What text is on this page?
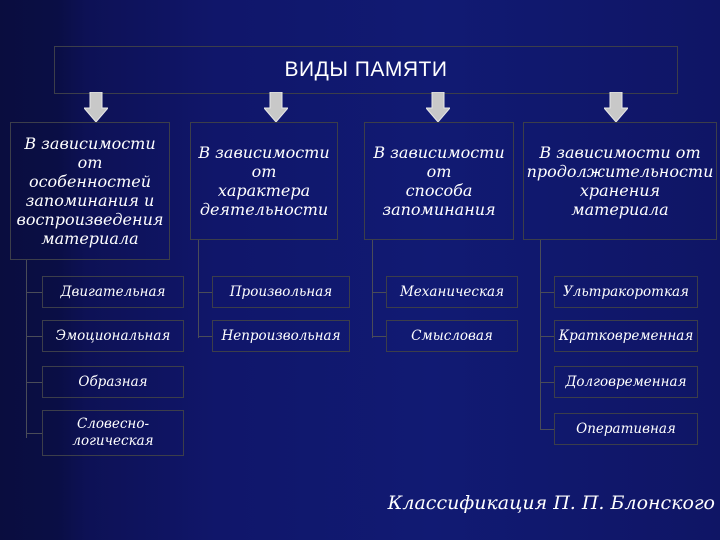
ВИДЫ ПАМЯТИ
В зависимости
от
особенностей
запоминания и
воспроизведения
материала
В зависимости
от
характера
деятельности
В зависимости
от
способа
запоминания
В зависимости от
продолжительности
хранения
материала
Двигательная
Эмоциональная
Образная
Словесно-
логическая
Произвольная
Непроизвольная
Механическая
Смысловая
Ультракороткая
Кратковременная
Долговременная
Оперативная
Классификация П. П. Блонского
